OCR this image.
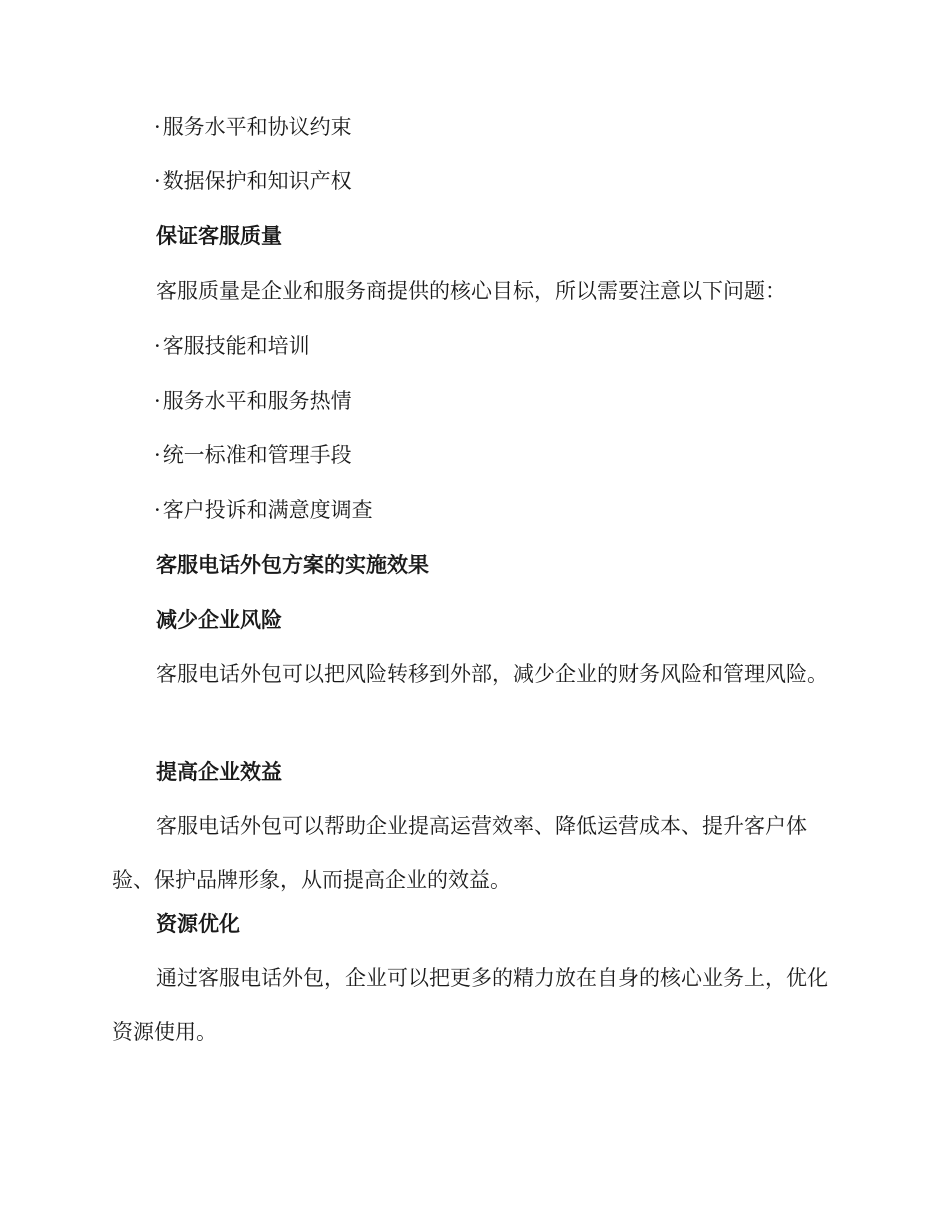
·服务水平和协议约束
·数据保护和知识产权
保证客服质量
客服质量是企业和服务商提供的核心目标，所以需要注意以下问题：
·客服技能和培训
·服务水平和服务热情
·统一标准和管理手段
·客户投诉和满意度调查
客服电话外包方案的实施效果
减少企业风险
客服电话外包可以把风险转移到外部，减少企业的财务风险和管理风险。
提高企业效益
客服电话外包可以帮助企业提高运营效率、降低运营成本、提升客户体验、保护品牌形象，从而提高企业的效益。
资源优化
通过客服电话外包，企业可以把更多的精力放在自身的核心业务上，优化资源使用。
